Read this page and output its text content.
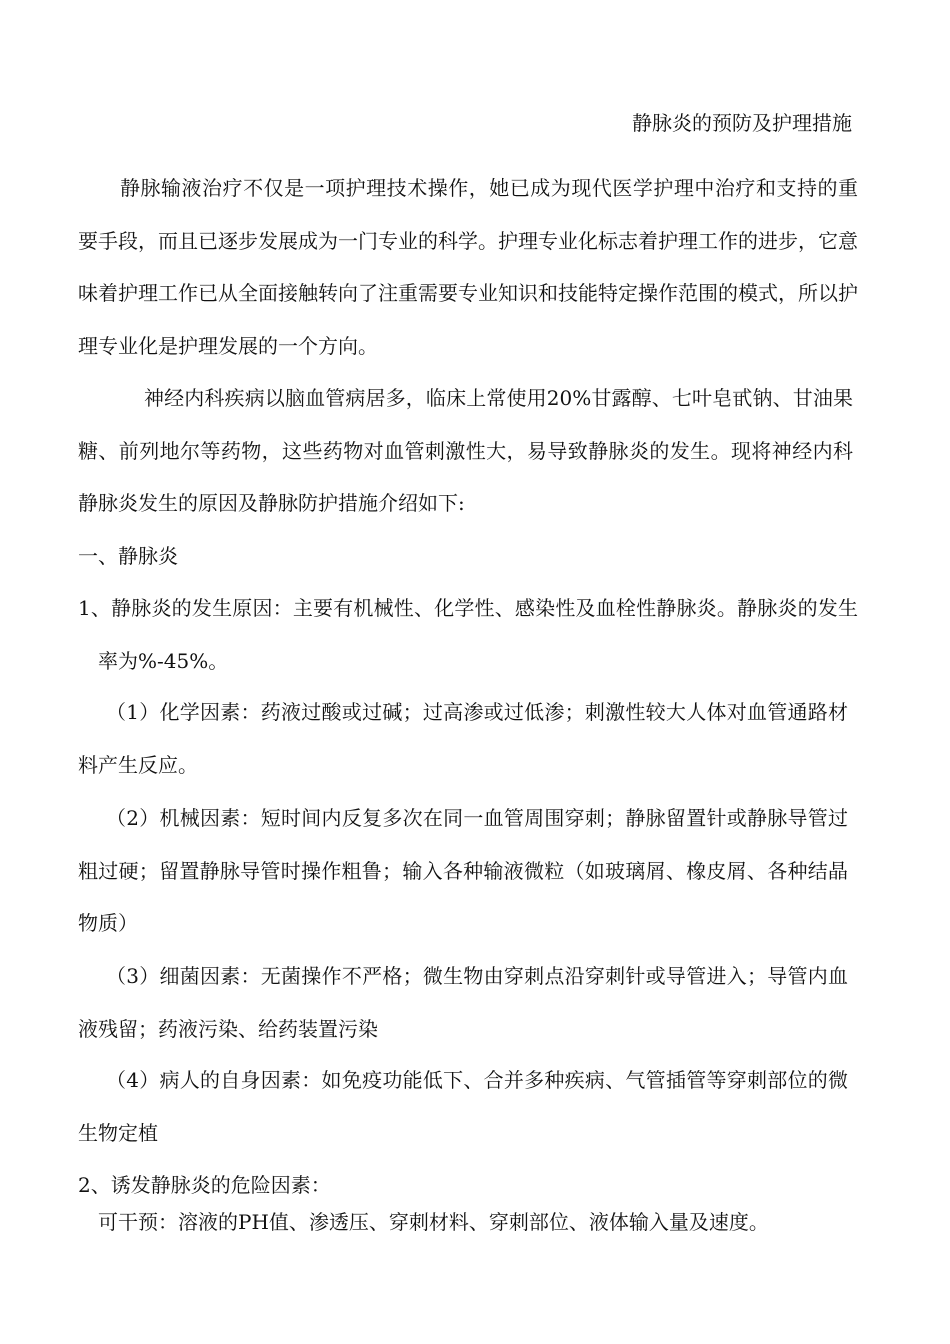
静脉炎的预防及护理措施

静脉输液治疗不仅是一项护理技术操作，她已成为现代医学护理中治疗和支持的重要手段，而且已逐步发展成为一门专业的科学。护理专业化标志着护理工作的进步，它意味着护理工作已从全面接触转向了注重需要专业知识和技能特定操作范围的模式，所以护理专业化是护理发展的一个方向。

神经内科疾病以脑血管病居多，临床上常使用20%甘露醇、七叶皂甙钠、甘油果糖、前列地尔等药物，这些药物对血管刺激性大，易导致静脉炎的发生。现将神经内科静脉炎发生的原因及静脉防护措施介绍如下:

一、静脉炎

1、静脉炎的发生原因：主要有机械性、化学性、感染性及血栓性静脉炎。静脉炎的发生率为%-45%。

（1）化学因素：药液过酸或过碱；过高渗或过低渗；刺激性较大人体对血管通路材料产生反应。

（2）机械因素：短时间内反复多次在同一血管周围穿刺；静脉留置针或静脉导管过粗过硬；留置静脉导管时操作粗鲁；输入各种输液微粒（如玻璃屑、橡皮屑、各种结晶物质）

（3）细菌因素：无菌操作不严格；微生物由穿刺点沿穿刺针或导管进入；导管内血液残留；药液污染、给药装置污染

（4）病人的自身因素：如免疫功能低下、合并多种疾病、气管插管等穿刺部位的微生物定植

2、诱发静脉炎的危险因素：

可干预：溶液的PH值、渗透压、穿刺材料、穿刺部位、液体输入量及速度。
